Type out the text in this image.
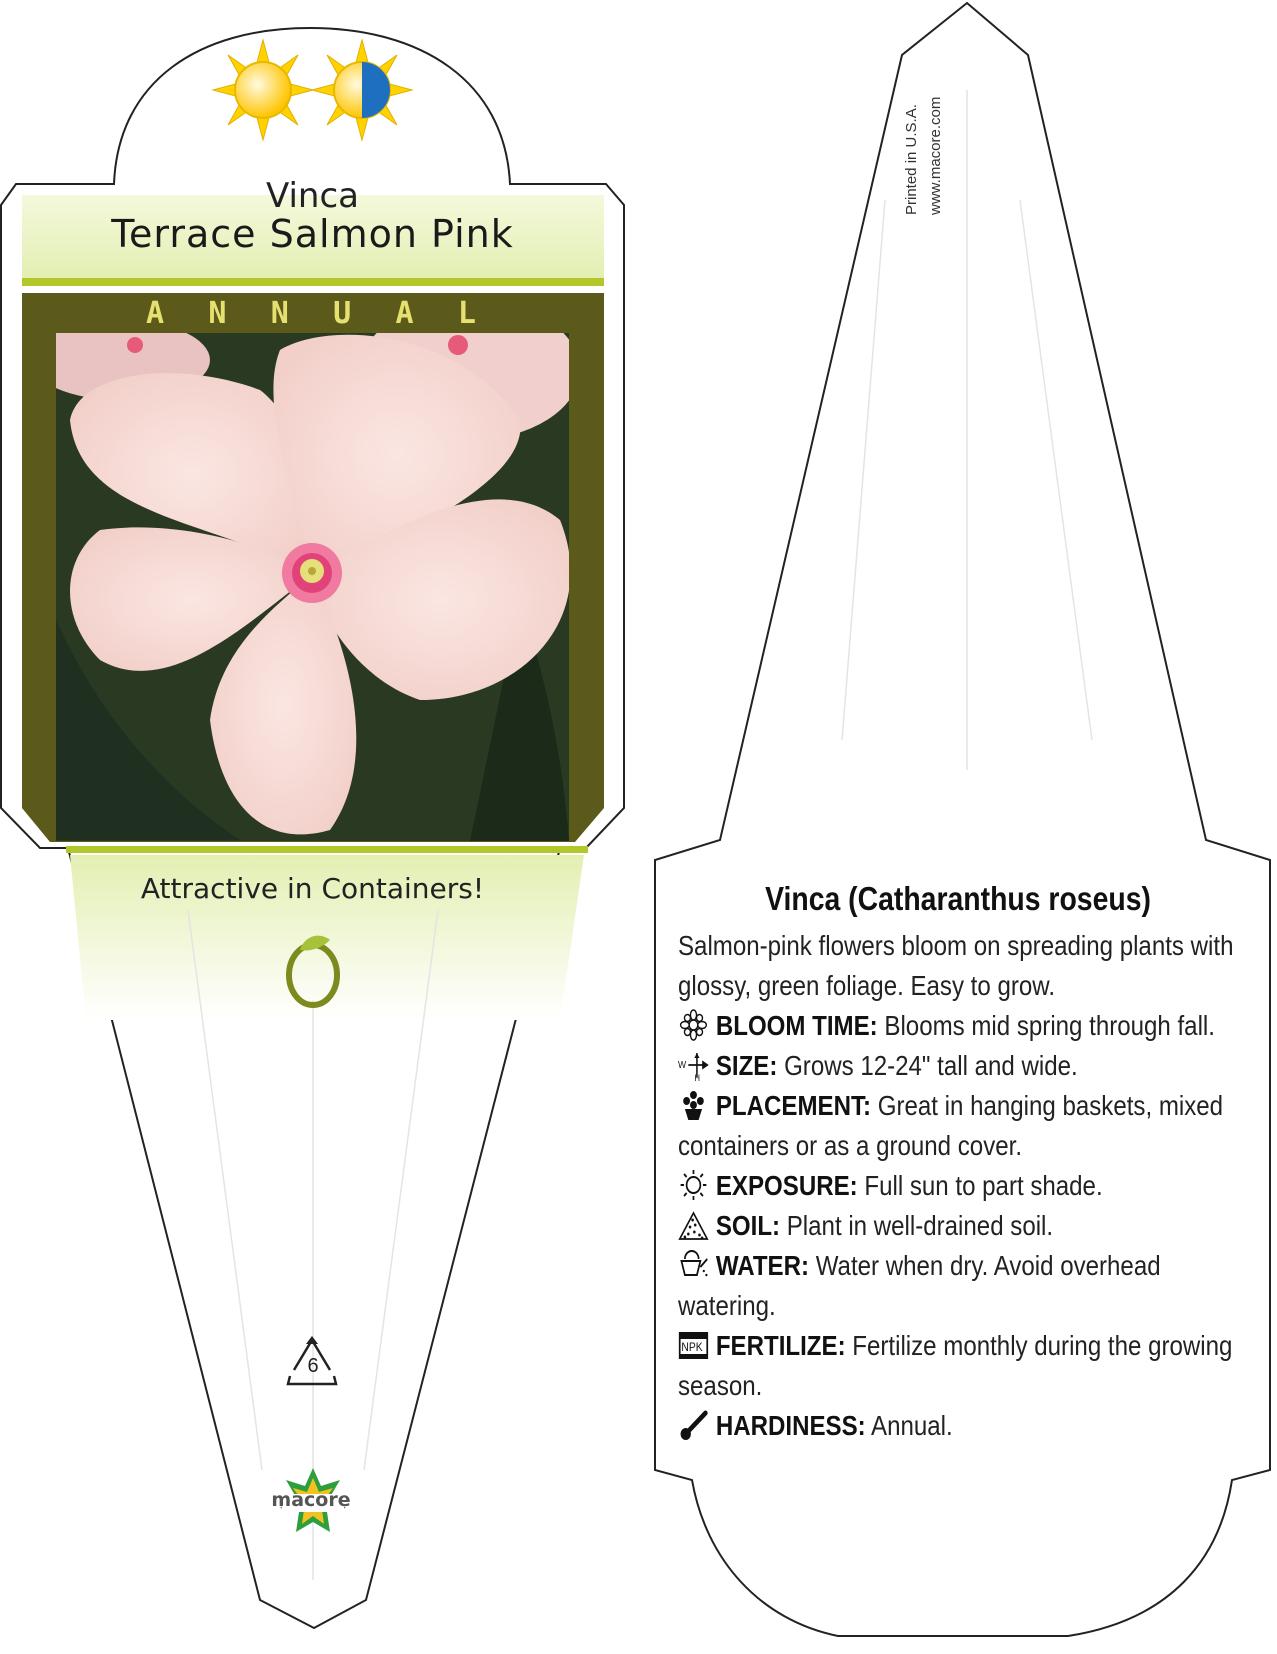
Vinca
Terrace Salmon Pink
A N N U A L
Attractive in Containers!
6
macore
Printed in U.S.A. www.macore.com
Vinca (Catharanthus roseus)
Salmon-pink flowers bloom on spreading plants with glossy, green foliage. Easy to grow.
BLOOM TIME: Blooms mid spring through fall.
W
H SIZE: Grows 12-24" tall and wide.
PLACEMENT: Great in hanging baskets, mixed containers or as a ground cover.
EXPOSURE: Full sun to part shade.
SOIL: Plant in well-drained soil.
WATER: Water when dry. Avoid overhead watering.
NPK FERTILIZE: Fertilize monthly during the growing season.
HARDINESS: Annual.
